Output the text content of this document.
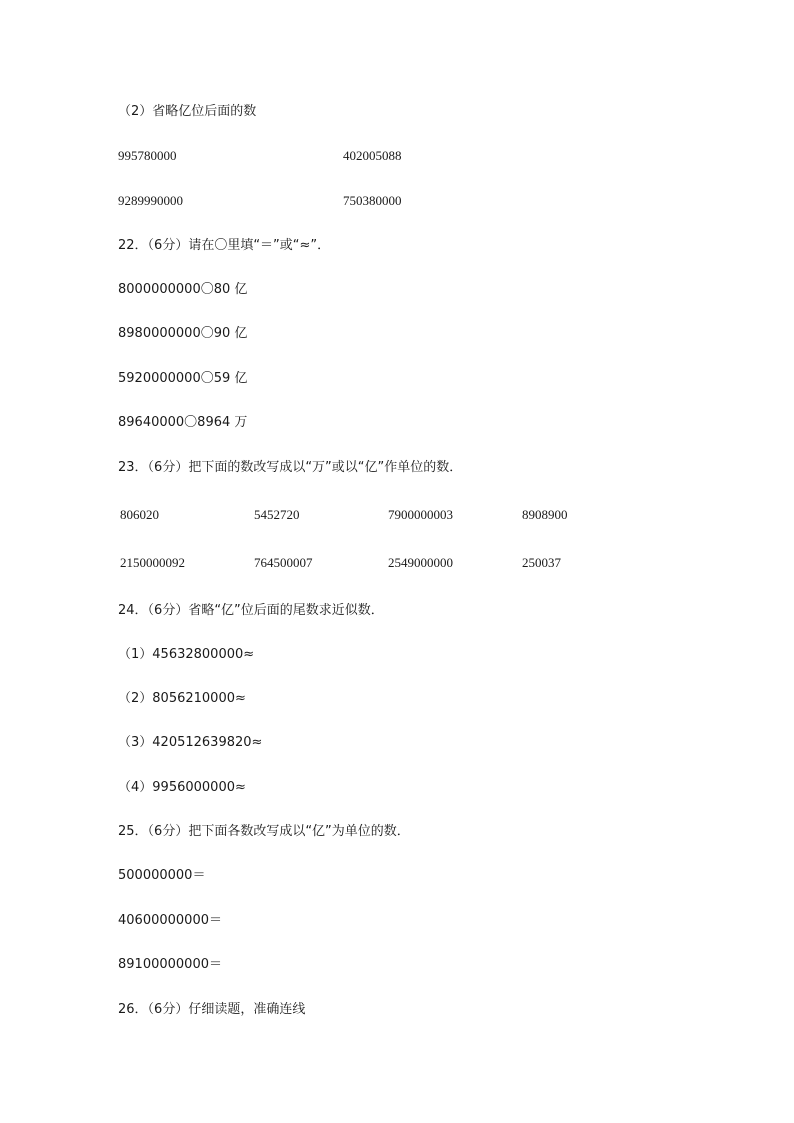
（2）省略亿位后面的数
995780000	402005088
9289990000	750380000
22．（6分）请在〇里填“＝”或“≈”．
8000000000〇80 亿
8980000000〇90 亿
5920000000〇59 亿
89640000〇8964 万
23．（6分）把下面的数改写成以“万”或以“亿”作单位的数．
806020	5452720	7900000003	8908900
2150000092	764500007	2549000000	250037
24．（6分）省略“亿”位后面的尾数求近似数．
（1）45632800000≈
（2）8056210000≈
（3）420512639820≈
（4）9956000000≈
25．（6分）把下面各数改写成以“亿”为单位的数．
500000000＝
40600000000＝
89100000000＝
26．（6分）仔细读题，准确连线
